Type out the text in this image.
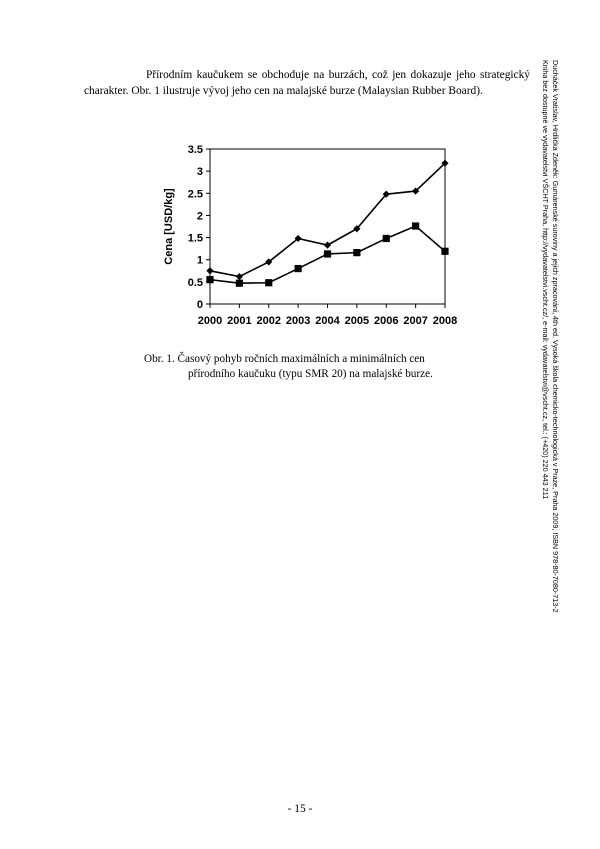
Přírodním kaučukem se obchoduje na burzách, což jen dokazuje jeho strategický charakter. Obr. 1 ilustruje vývoj jeho cen na malajské burze (Malaysian Rubber Board).
0
0.5
1
1.5
2
2.5
3
3.5
2000 2001 2002 2003 2004 2005 2006 2007 2008
Cena [USD/kg]
Obr. 1. Časový pohyb ročních maximálních a minimálních cen
přírodního kaučuku (typu SMR 20) na malajské burze.
- 15 -
Ducháček Vratislav, Hrdlička Zdeněk: Gumárenské suroviny a jejich zpracování, 4th ed. Vysoká škola chemicko-technologická v Praze, Praha 2009, ISBN 978-80-7080-713-2
Kniha bez dostupné ve vydavatelství VŠCHT Praha, http://vydavatelstvi.vscht.cz/, e-mail: vydavatelstvi@vscht.cz, tel.: (+420) 220 443 211
